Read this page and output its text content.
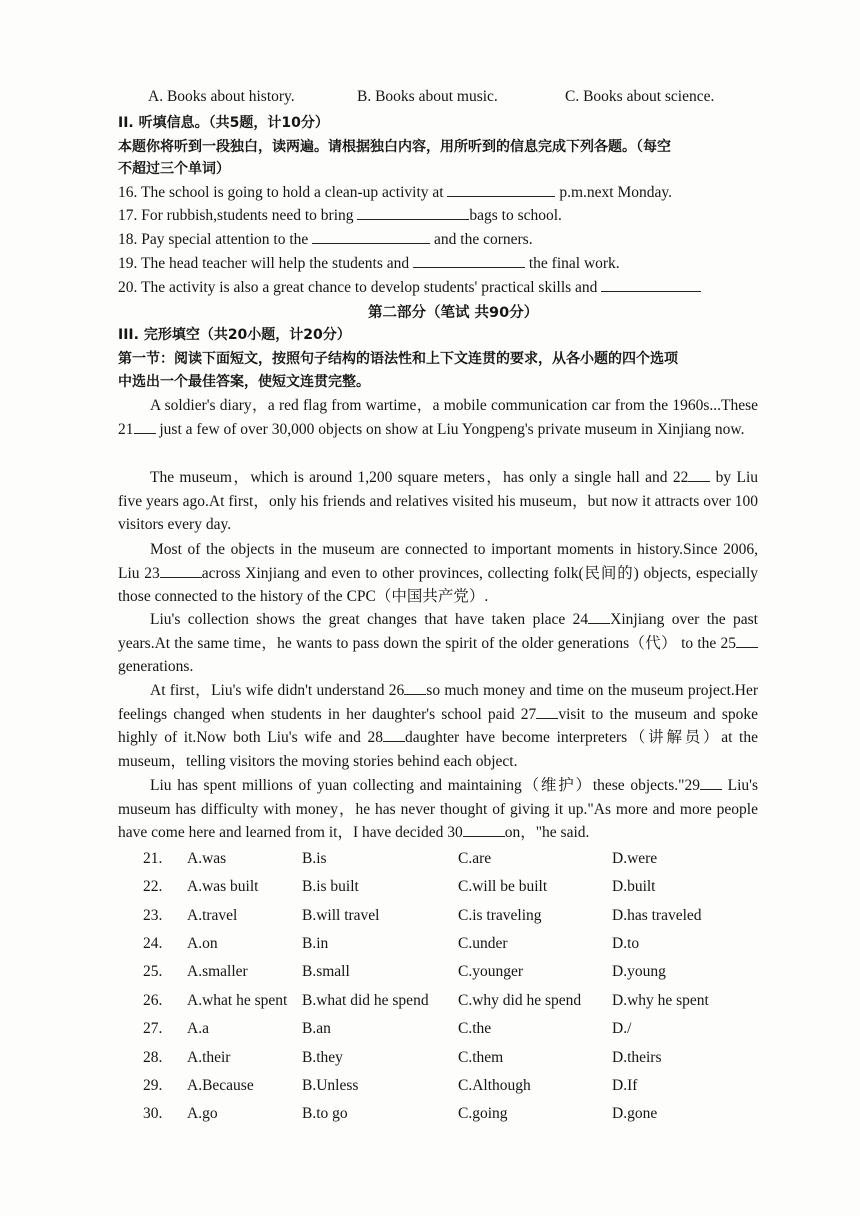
A. Books about history.	B. Books about music.	C. Books about science.
II. 听填信息。（共5题，计10分）
本题你将听到一段独白，读两遍。请根据独白内容，用所听到的信息完成下列各题。（每空
不超过三个单词）
16. The school is going to hold a clean-up activity at	p.m.next Monday.
17. For rubbish,students need to bring	bags to school.
18. Pay special attention to the	and the corners.
19. The head teacher will help the students and	the final work.
20. The activity is also a great chance to develop students' practical skills and
第二部分（笔试 共90分）
III. 完形填空（共20小题，计20分）
第一节：阅读下面短文，按照句子结构的语法性和上下文连贯的要求，从各小题的四个选项
中选出一个最佳答案，使短文连贯完整。
A soldier's diary，a red flag from wartime，a mobile communication car from the 1960s...These 21 just a few of over 30,000 objects on show at Liu Yongpeng's private museum in Xinjiang now.
The museum，which is around 1,200 square meters，has only a single hall and 22 by Liu five years ago.At first，only his friends and relatives visited his museum，but now it attracts over 100 visitors every day.
Most of the objects in the museum are connected to important moments in history.Since 2006, Liu 23	across Xinjiang and even to other provinces, collecting folk(民间的) objects, especially those connected to the history of the CPC（中国共产党）.
Liu's collection shows the great changes that have taken place 24 Xinjiang over the past years.At the same time，he wants to pass down the spirit of the older generations（代） to the 25 generations.
At first，Liu's wife didn't understand 26 so much money and time on the museum project.Her feelings changed when students in her daughter's school paid 27 visit to the museum and spoke highly of it.Now both Liu's wife and 28 daughter have become interpreters（讲解员）at the museum，telling visitors the moving stories behind each object.
Liu has spent millions of yuan collecting and maintaining（维护）these objects."29 Liu's museum has difficulty with money，he has never thought of giving it up."As more and more people have come here and learned from it，I have decided 30	on，"he said.
21. A.was	B.is	C.are	D.were
22. A.was built	B.is built	C.will be built	D.built
23. A.travel	B.will travel	C.is traveling	D.has traveled
24. A.on	B.in	C.under	D.to
25. A.smaller	B.small	C.younger	D.young
26. A.what he spent B.what did he spend C.why did he spend D.why he spent
27. A.a	B.an	C.the	D./
28. A.their	B.they	C.them	D.theirs
29. A.Because	B.Unless	C.Although	D.If
30. A.go	B.to go	C.going	D.gone
